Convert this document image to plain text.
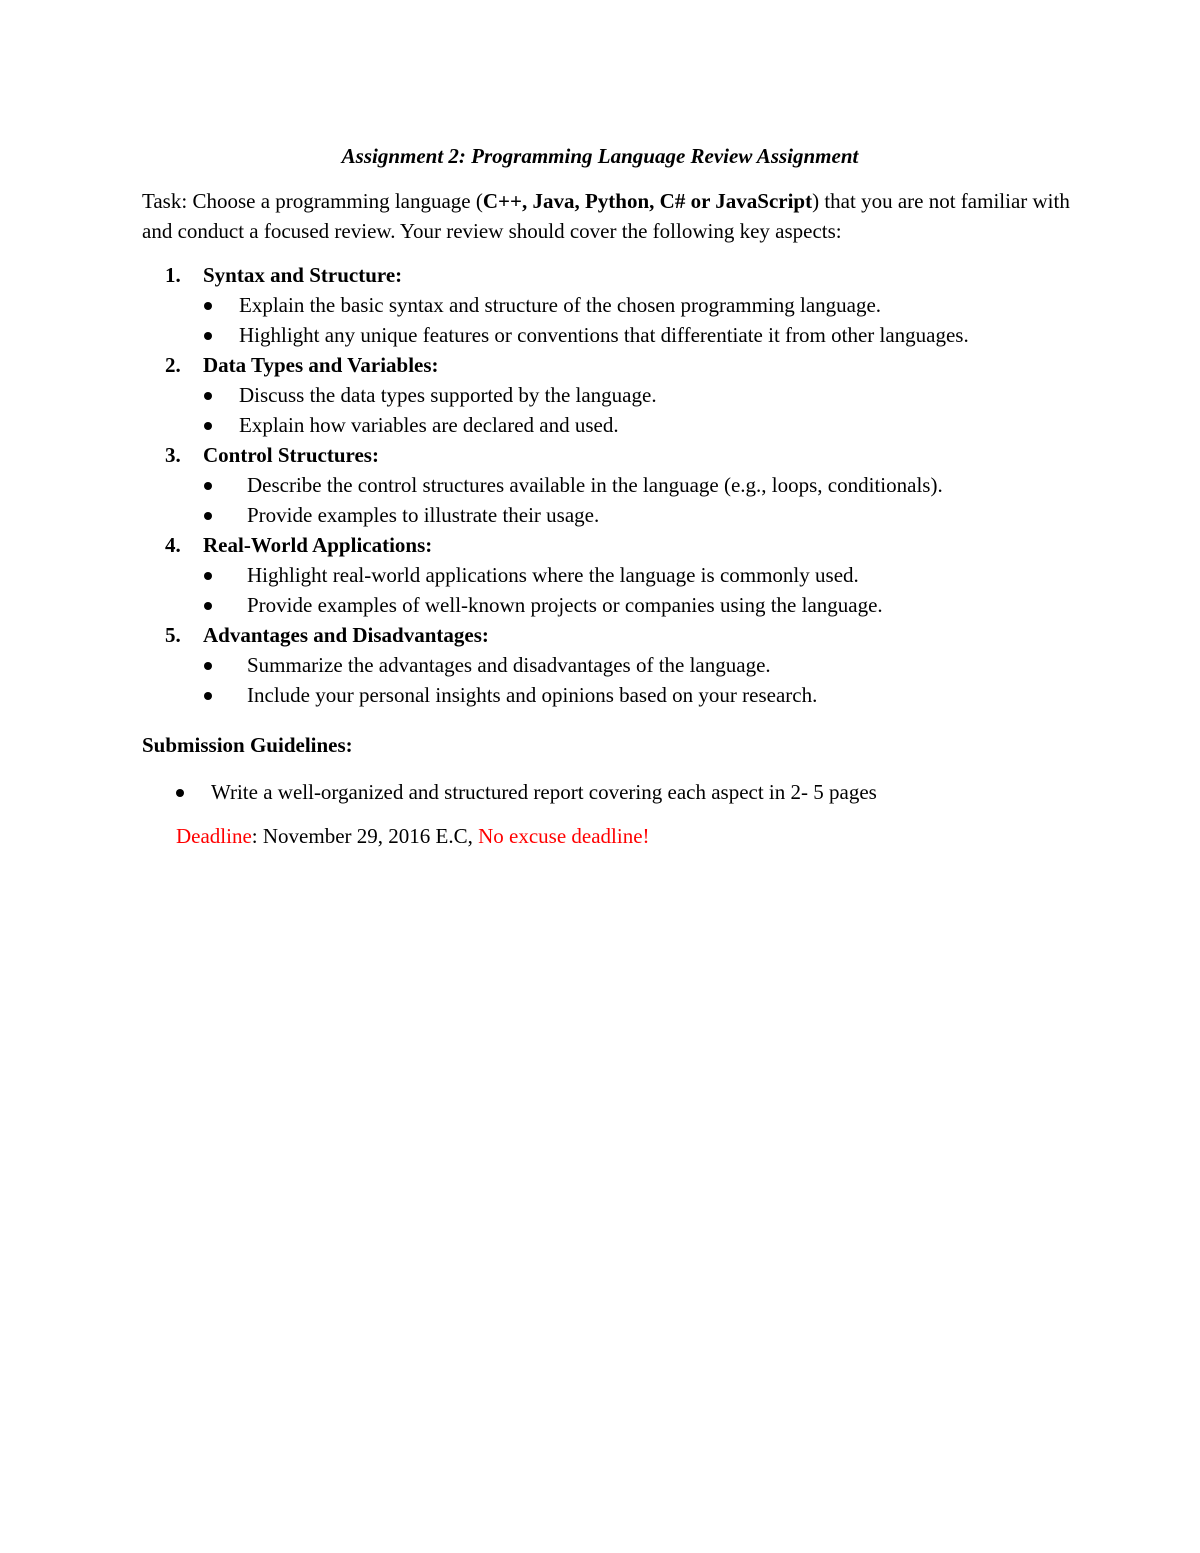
Assignment 2: Programming Language Review Assignment

Task: Choose a programming language (C++, Java, Python, C# or JavaScript) that you are not familiar with and conduct a focused review. Your review should cover the following key aspects:

1. Syntax and Structure:
Explain the basic syntax and structure of the chosen programming language.
Highlight any unique features or conventions that differentiate it from other languages.
2. Data Types and Variables:
Discuss the data types supported by the language.
Explain how variables are declared and used.
3. Control Structures:
Describe the control structures available in the language (e.g., loops, conditionals).
Provide examples to illustrate their usage.
4. Real-World Applications:
Highlight real-world applications where the language is commonly used.
Provide examples of well-known projects or companies using the language.
5. Advantages and Disadvantages:
Summarize the advantages and disadvantages of the language.
Include your personal insights and opinions based on your research.

Submission Guidelines:

Write a well-organized and structured report covering each aspect in 2- 5 pages

Deadline: November 29, 2016 E.C, No excuse deadline!
